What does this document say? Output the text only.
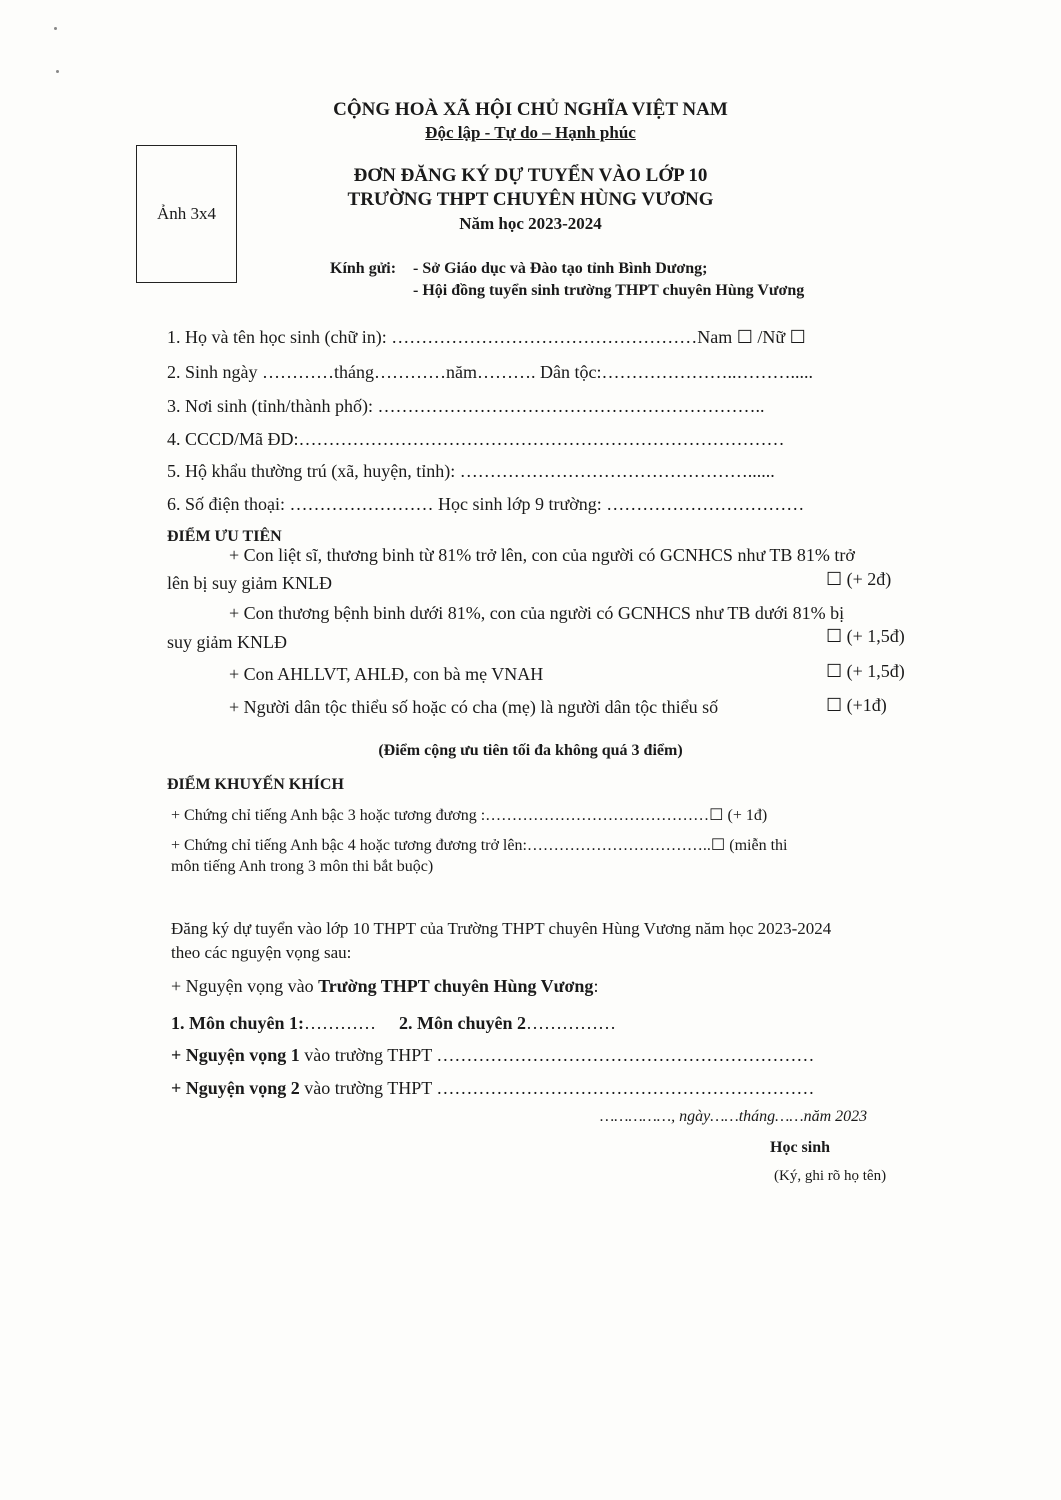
CỘNG HOÀ XÃ HỘI CHỦ NGHĨA VIỆT NAM
Độc lập - Tự do – Hạnh phúc
Ảnh 3x4
ĐƠN ĐĂNG KÝ DỰ TUYỂN VÀO LỚP 10
TRƯỜNG THPT CHUYÊN HÙNG VƯƠNG
Năm học 2023-2024
Kính gửi: - Sở Giáo dục và Đào tạo tỉnh Bình Dương;
- Hội đồng tuyển sinh trường THPT chuyên Hùng Vương
1. Họ và tên học sinh (chữ in): ……………………………………………Nam ☐ /Nữ ☐
2. Sinh ngày …………tháng…………năm………. Dân tộc:…………………..……….....
3. Nơi sinh (tỉnh/thành phố): ………………………………………………………..
4. CCCD/Mã ĐD:………………………………………………………………………
5. Hộ khẩu thường trú (xã, huyện, tỉnh): …………………………………………......
6. Số điện thoại: …………………… Học sinh lớp 9 trường: ……………………………
ĐIỂM ƯU TIÊN
+ Con liệt sĩ, thương binh từ 81% trở lên, con của người có GCNHCS như TB 81% trở
lên bị suy giảm KNLĐ	☐ (+ 2đ)
+ Con thương bệnh binh dưới 81%, con của người có GCNHCS như TB dưới 81% bị
suy giảm KNLĐ	☐ (+ 1,5đ)
+ Con AHLLVT, AHLĐ, con bà mẹ VNAH	☐ (+ 1,5đ)
+ Người dân tộc thiểu số hoặc có cha (mẹ) là người dân tộc thiểu số	☐ (+1đ)
(Điểm cộng ưu tiên tối đa không quá 3 điểm)
ĐIỂM KHUYẾN KHÍCH
+ Chứng chỉ tiếng Anh bậc 3 hoặc tương đương :……………………………………☐ (+ 1đ)
+ Chứng chỉ tiếng Anh bậc 4 hoặc tương đương trở lên:……………………………..☐ (miễn thi
môn tiếng Anh trong 3 môn thi bắt buộc)
Đăng ký dự tuyển vào lớp 10 THPT của Trường THPT chuyên Hùng Vương năm học 2023-2024
theo các nguyện vọng sau:
+ Nguyện vọng vào Trường THPT chuyên Hùng Vương:
1. Môn chuyên 1:………… 2. Môn chuyên 2……………
+ Nguyện vọng 1 vào trường THPT ………………………………………………………
+ Nguyện vọng 2 vào trường THPT ………………………………………………………
……………, ngày……tháng……năm 2023
Học sinh
(Ký, ghi rõ họ tên)
